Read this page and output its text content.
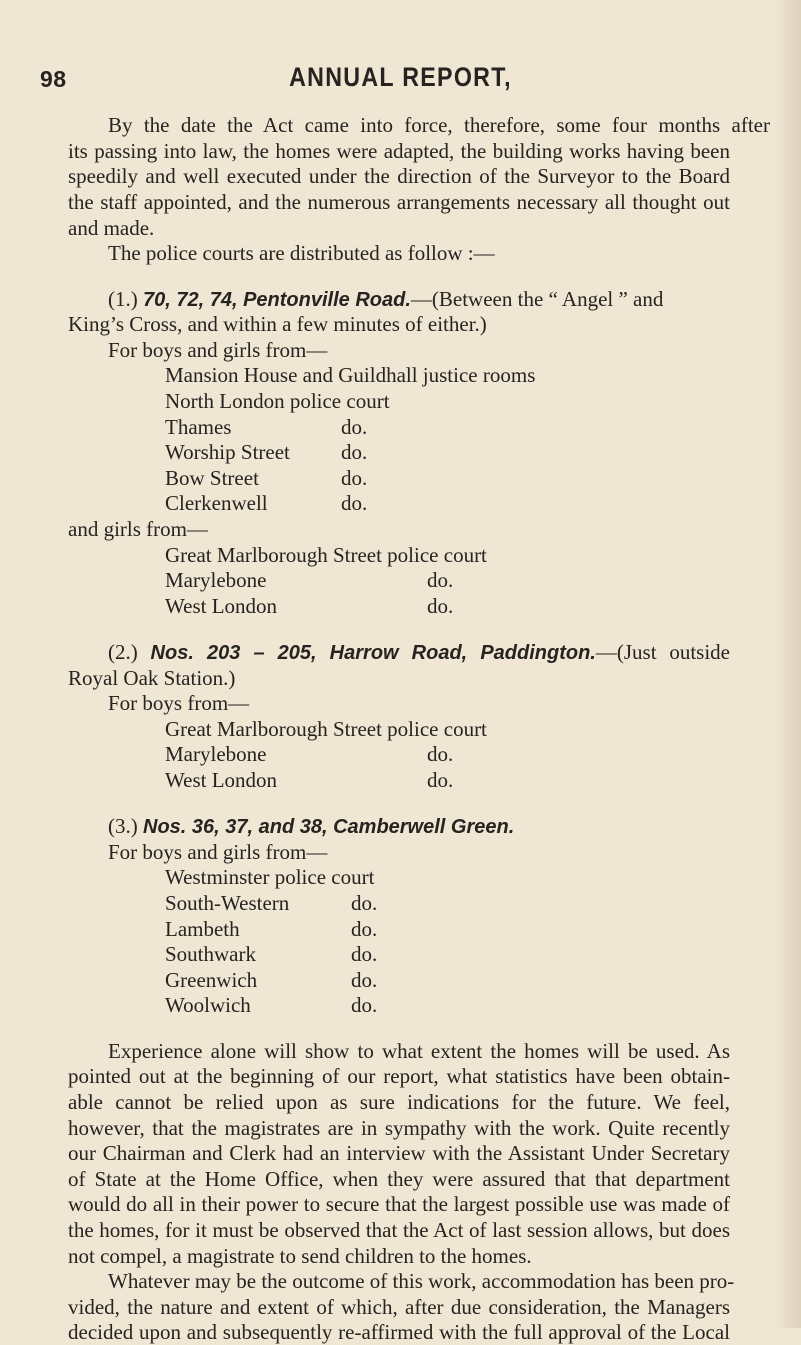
98	ANNUAL REPORT,
By the date the Act came into force, therefore, some four months after
its passing into law, the homes were adapted, the building works having been
speedily and well executed under the direction of the Surveyor to the Board
the staff appointed, and the numerous arrangements necessary all thought out
and made.
The police courts are distributed as follow :—
(1.) 70, 72, 74, Pentonville Road.—(Between the “ Angel ” and
King’s Cross, and within a few minutes of either.)
For boys and girls from—
Mansion House and Guildhall justice rooms
North London police court
Thames	do.
Worship Street do.
Bow Street	do.
Clerkenwell	do.
and girls from—
Great Marlborough Street police court
Marylebone	do.
West London	do.
(2.) Nos. 203 – 205, Harrow Road, Paddington.—(Just outside
Royal Oak Station.)
For boys from—
Great Marlborough Street police court
Marylebone	do.
West London	do.
(3.) Nos. 36, 37, and 38, Camberwell Green.
For boys and girls from—
Westminster police court
South-Western	do.
Lambeth	do.
Southwark	do.
Greenwich	do.
Woolwich	do.
Experience alone will show to what extent the homes will be used. As
pointed out at the beginning of our report, what statistics have been obtain-
able cannot be relied upon as sure indications for the future. We feel,
however, that the magistrates are in sympathy with the work. Quite recently
our Chairman and Clerk had an interview with the Assistant Under Secretary
of State at the Home Office, when they were assured that that department
would do all in their power to secure that the largest possible use was made of
the homes, for it must be observed that the Act of last session allows, but does
not compel, a magistrate to send children to the homes.
Whatever may be the outcome of this work, accommodation has been pro-
vided, the nature and extent of which, after due consideration, the Managers
decided upon and subsequently re-affirmed with the full approval of the Local
